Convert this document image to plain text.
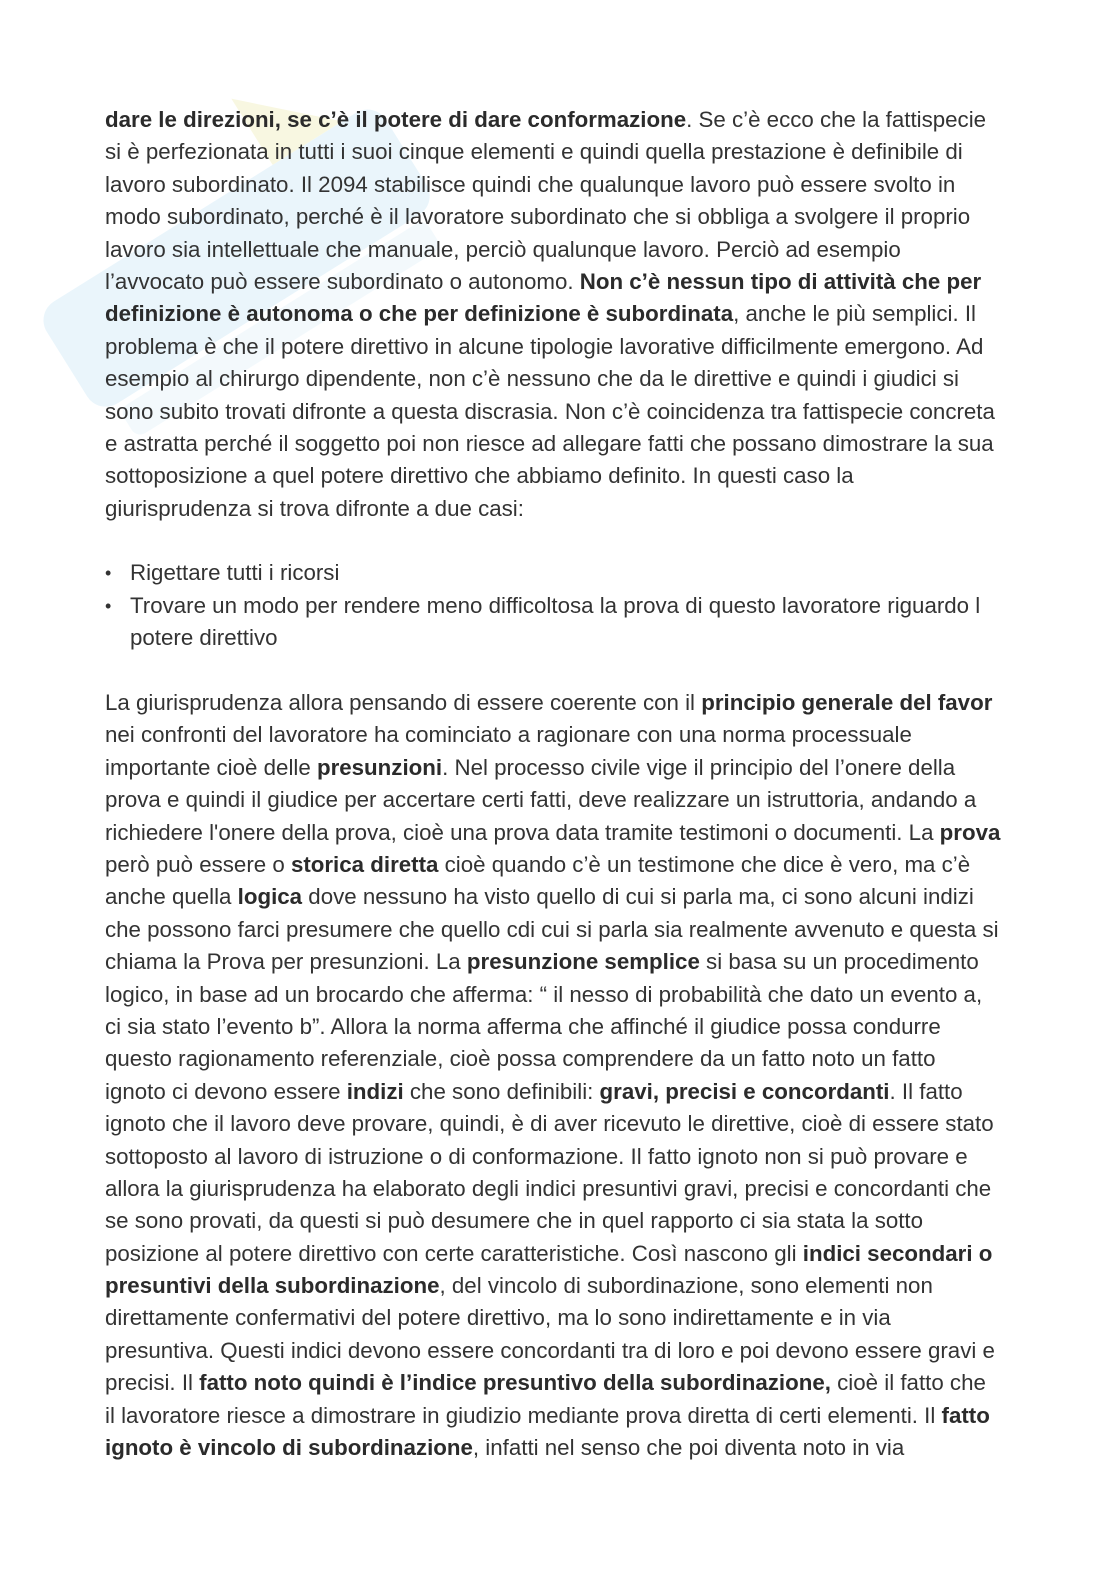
dare le direzioni, se c’è il potere di dare conformazione. Se c’è ecco che la fattispecie
si è perfezionata in tutti i suoi cinque elementi e quindi quella prestazione è definibile di
lavoro subordinato. Il 2094 stabilisce quindi che qualunque lavoro può essere svolto in
modo subordinato, perché è il lavoratore subordinato che si obbliga a svolgere il proprio
lavoro sia intellettuale che manuale, perciò qualunque lavoro. Perciò ad esempio
l’avvocato può essere subordinato o autonomo. Non c’è nessun tipo di attività che per
definizione è autonoma o che per definizione è subordinata, anche le più semplici. Il
problema è che il potere direttivo in alcune tipologie lavorative difficilmente emergono. Ad
esempio al chirurgo dipendente, non c’è nessuno che da le direttive e quindi i giudici si
sono subito trovati difronte a questa discrasia. Non c’è coincidenza tra fattispecie concreta
e astratta perché il soggetto poi non riesce ad allegare fatti che possano dimostrare la sua
sottoposizione a quel potere direttivo che abbiamo definito. In questi caso la
giurisprudenza si trova difronte a due casi:
• Rigettare tutti i ricorsi
• Trovare un modo per rendere meno difficoltosa la prova di questo lavoratore riguardo l
potere direttivo
La giurisprudenza allora pensando di essere coerente con il principio generale del favor
nei confronti del lavoratore ha cominciato a ragionare con una norma processuale
importante cioè delle presunzioni. Nel processo civile vige il principio del l’onere della
prova e quindi il giudice per accertare certi fatti, deve realizzare un istruttoria, andando a
richiedere l'onere della prova, cioè una prova data tramite testimoni o documenti. La prova
però può essere o storica diretta cioè quando c’è un testimone che dice è vero, ma c’è
anche quella logica dove nessuno ha visto quello di cui si parla ma, ci sono alcuni indizi
che possono farci presumere che quello cdi cui si parla sia realmente avvenuto e questa si
chiama la Prova per presunzioni. La presunzione semplice si basa su un procedimento
logico, in base ad un brocardo che afferma: “ il nesso di probabilità che dato un evento a,
ci sia stato l’evento b”. Allora la norma afferma che affinché il giudice possa condurre
questo ragionamento referenziale, cioè possa comprendere da un fatto noto un fatto
ignoto ci devono essere indizi che sono definibili: gravi, precisi e concordanti. Il fatto
ignoto che il lavoro deve provare, quindi, è di aver ricevuto le direttive, cioè di essere stato
sottoposto al lavoro di istruzione o di conformazione. Il fatto ignoto non si può provare e
allora la giurisprudenza ha elaborato degli indici presuntivi gravi, precisi e concordanti che
se sono provati, da questi si può desumere che in quel rapporto ci sia stata la sotto
posizione al potere direttivo con certe caratteristiche. Così nascono gli indici secondari o
presuntivi della subordinazione, del vincolo di subordinazione, sono elementi non
direttamente confermativi del potere direttivo, ma lo sono indirettamente e in via
presuntiva. Questi indici devono essere concordanti tra di loro e poi devono essere gravi e
precisi. Il fatto noto quindi è l’indice presuntivo della subordinazione, cioè il fatto che
il lavoratore riesce a dimostrare in giudizio mediante prova diretta di certi elementi. Il fatto
ignoto è vincolo di subordinazione, infatti nel senso che poi diventa noto in via
